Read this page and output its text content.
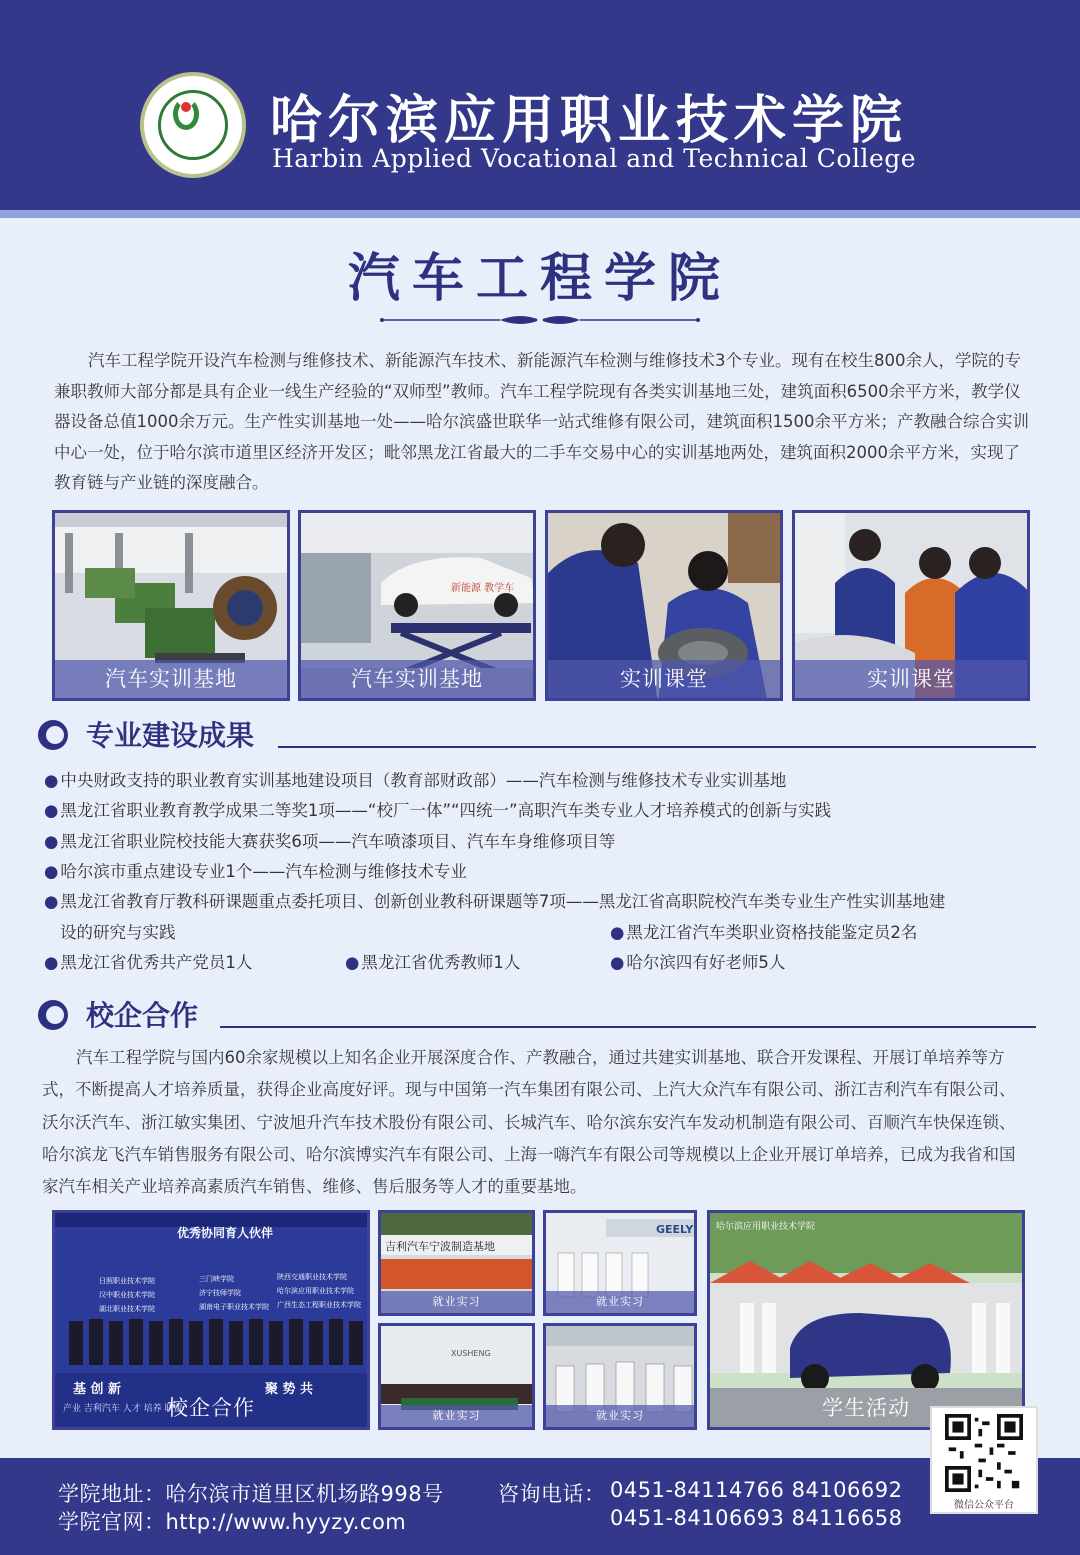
哈尔滨应用职业技术学院
Harbin Applied Vocational and Technical College
汽车工程学院
汽车工程学院开设汽车检测与维修技术、新能源汽车技术、新能源汽车检测与维修技术3个专业。现有在校生800余人，学院的专兼职教师大部分都是具有企业一线生产经验的“双师型”教师。汽车工程学院现有各类实训基地三处，建筑面积6500余平方米，教学仪器设备总值1000余万元。生产性实训基地一处——哈尔滨盛世联华一站式维修有限公司，建筑面积1500余平方米；产教融合综合实训中心一处，位于哈尔滨市道里区经济开发区；毗邻黑龙江省最大的二手车交易中心的实训基地两处，建筑面积2000余平方米，实现了教育链与产业链的深度融合。
汽车实训基地
新能源 教学车
汽车实训基地	实训课堂	实训课堂
专业建设成果
● 中央财政支持的职业教育实训基地建设项目（教育部财政部）——汽车检测与维修技术专业实训基地
● 黑龙江省职业教育教学成果二等奖1项——“校厂一体”“四统一”高职汽车类专业人才培养模式的创新与实践
● 黑龙江省职业院校技能大赛获奖6项——汽车喷漆项目、汽车车身维修项目等
● 哈尔滨市重点建设专业1个——汽车检测与维修技术专业
● 黑龙江省教育厅教科研课题重点委托项目、创新创业教科研课题等7项——黑龙江省高职院校汽车类专业生产性实训基地建
设的研究与实践	● 黑龙江省汽车类职业资格技能鉴定员2名
● 黑龙江省优秀共产党员1人	● 黑龙江省优秀教师1人	● 哈尔滨四有好老师5人
校企合作
汽车工程学院与国内60余家规模以上知名企业开展深度合作、产教融合，通过共建实训基地、联合开发课程、开展订单培养等方式，不断提高人才培养质量，获得企业高度好评。现与中国第一汽车集团有限公司、上汽大众汽车有限公司、浙江吉利汽车有限公司、沃尔沃汽车、浙江敏实集团、宁波旭升汽车技术股份有限公司、长城汽车、哈尔滨东安汽车发动机制造有限公司、百顺汽车快保连锁、哈尔滨龙飞汽车销售服务有限公司、哈尔滨博实汽车有限公司、上海一嗨汽车有限公司等规模以上企业开展订单培养，已成为我省和国家汽车相关产业培养高素质汽车销售、维修、售后服务等人才的重要基地。
优秀协同育人伙伴
日照职业技术学院	三门峡学院	陕西交通职业技术学院
汉中职业技术学院	济宁技师学院	哈尔滨应用职业技术学院
湖北职业技术学院	湖南电子职业技术学院 广西生态工程职业技术学院
基 创 新	聚 势 共
产业 吉利汽车 人才 培养 联盟
校企合作
吉利汽车宁波制造基地
就业实习
GEELY
就业实习
XUSHENG
就业实习	就业实习
哈尔滨应用职业技术学院
学生活动
学院地址：哈尔滨市道里区机场路998号
学院官网：http://www.hyyzy.com
咨询电话： 0451-84114766 84106692
0451-84106693 84116658
微信公众平台
